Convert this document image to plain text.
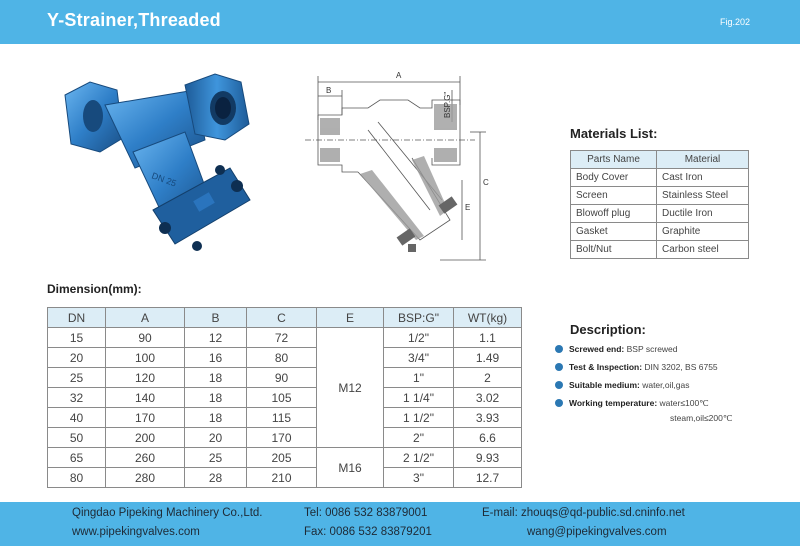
Y-Strainer,Threaded	Fig.202
DN 25
A
B
BSP.G"
C
E
Materials List:
Parts Name	Material
Body Cover	Cast Iron
Screen	Stainless Steel
Blowoff plug	Ductile Iron
Gasket	Graphite
Bolt/Nut	Carbon steel
Dimension(mm):
DN	A	B	C	E	BSP:G"	WT(kg)
15	90	12	72	M12	1/2"	1.1
20	100	16	80		3/4"	1.49
25	120	18	90		1"	2
32	140	18	105		1 1/4"	3.02
40	170	18	115		1 1/2"	3.93
50	200	20	170		2"	6.6
65	260	25	205	M16	2 1/2"	9.93
80	280	28	210		3"	12.7
Description:
Screwed end: BSP screwed
Test & Inspection: DIN 3202, BS 6755
Suitable medium: water,oil,gas
Working temperature: water≤100℃
steam,oil≤200℃
Qingdao Pipeking Machinery Co.,Ltd.
www.pipekingvalves.com
Tel: 0086 532 83879001
Fax: 0086 532 83879201
E-mail: zhouqs@qd-public.sd.cninfo.net
wang@pipekingvalves.com
